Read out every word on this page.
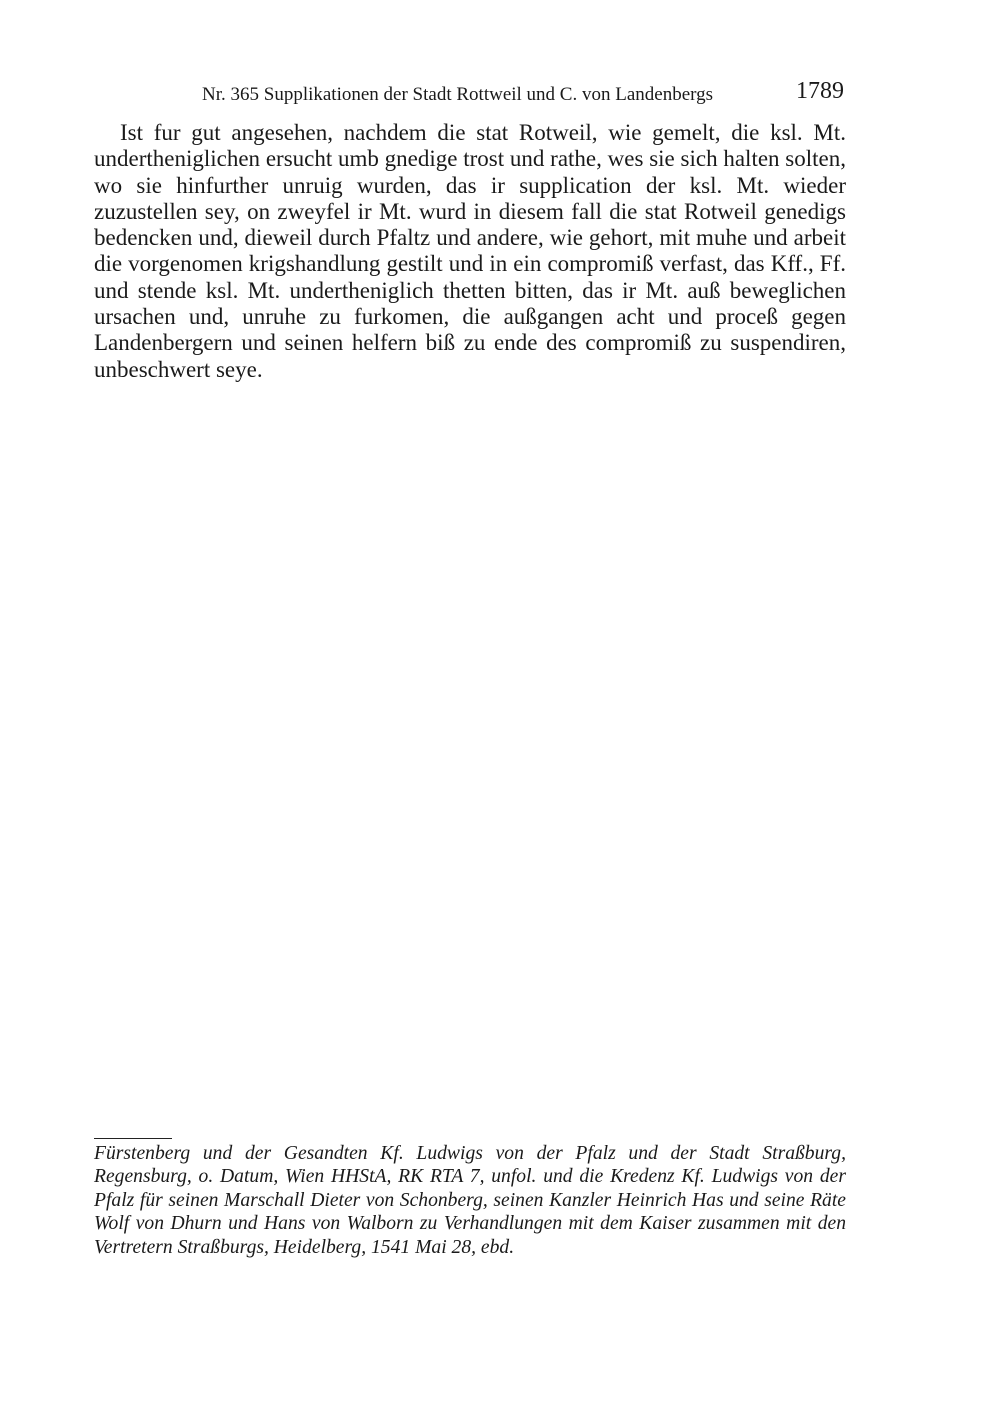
Nr. 365 Supplikationen der Stadt Rottweil und C. von Landenbergs	1789

Ist fur gut angesehen, nachdem die stat Rotweil, wie gemelt, die ksl. Mt. undertheniglichen ersucht umb gnedige trost und rathe, wes sie sich halten solten, wo sie hinfurther unruig wurden, das ir supplication der ksl. Mt. wieder zuzustellen sey, on zweyfel ir Mt. wurd in diesem fall die stat Rotweil genedigs bedencken und, dieweil durch Pfaltz und andere, wie gehort, mit muhe und arbeit die vorgenomen krigshandlung gestilt und in ein compromiß verfast, das Kff., Ff. und stende ksl. Mt. undertheniglich thetten bitten, das ir Mt. auß beweglichen ursachen und, unruhe zu furkomen, die außgangen acht und proceß gegen Landenbergern und seinen helfern biß zu ende des compromiß zu suspendiren, unbeschwert seye.

Fürstenberg und der Gesandten Kf. Ludwigs von der Pfalz und der Stadt Straßburg, Regensburg, o. Datum, Wien HHStA, RK RTA 7, unfol. und die Kredenz Kf. Ludwigs von der Pfalz für seinen Marschall Dieter von Schonberg, seinen Kanzler Heinrich Has und seine Räte Wolf von Dhurn und Hans von Walborn zu Verhandlungen mit dem Kaiser zusammen mit den Vertretern Straßburgs, Heidelberg, 1541 Mai 28, ebd.
